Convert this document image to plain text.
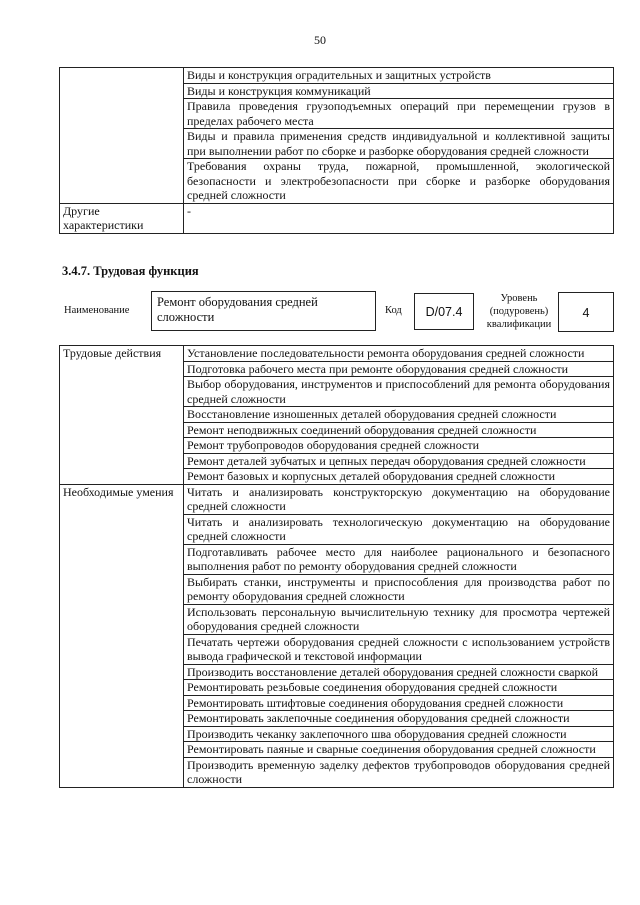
50
	Виды и конструкция оградительных и защитных устройств
	Виды и конструкция коммуникаций
	Правила проведения грузоподъемных операций при перемещении грузов в пределах рабочего места
	Виды и правила применения средств индивидуальной и коллективной защиты при выполнении работ по сборке и разборке оборудования средней сложности
	Требования охраны труда, пожарной, промышленной, экологической безопасности и электробезопасности при сборке и разборке оборудования средней сложности
Другие характеристики	-
3.4.7. Трудовая функция
Наименование
Ремонт оборудования средней сложности	Код	D/07.4
Уровень (подуровень) квалификации
4
Трудовые действия	Установление последовательности ремонта оборудования средней сложности
	Подготовка рабочего места при ремонте оборудования средней сложности
	Выбор оборудования, инструментов и приспособлений для ремонта оборудования средней сложности
	Восстановление изношенных деталей оборудования средней сложности
	Ремонт неподвижных соединений оборудования средней сложности
	Ремонт трубопроводов оборудования средней сложности
	Ремонт деталей зубчатых и цепных передач оборудования средней сложности
	Ремонт базовых и корпусных деталей оборудования средней сложности
Необходимые умения	Читать и анализировать конструкторскую документацию на оборудование средней сложности
	Читать и анализировать технологическую документацию на оборудование средней сложности
	Подготавливать рабочее место для наиболее рационального и безопасного выполнения работ по ремонту оборудования средней сложности
	Выбирать станки, инструменты и приспособления для производства работ по ремонту оборудования средней сложности
	Использовать персональную вычислительную технику для просмотра чертежей оборудования средней сложности
	Печатать чертежи оборудования средней сложности с использованием устройств вывода графической и текстовой информации
	Производить восстановление деталей оборудования средней сложности сваркой
	Ремонтировать резьбовые соединения оборудования средней сложности
	Ремонтировать штифтовые соединения оборудования средней сложности
	Ремонтировать заклепочные соединения оборудования средней сложности
	Производить чеканку заклепочного шва оборудования средней сложности
	Ремонтировать паяные и сварные соединения оборудования средней сложности
	Производить временную заделку дефектов трубопроводов оборудования средней сложности
